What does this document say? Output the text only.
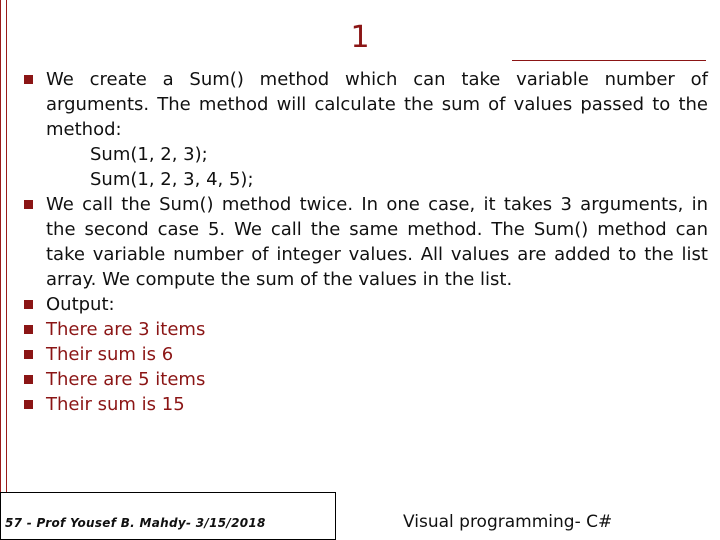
1
We create a Sum() method which can take variable number of arguments. The method will calculate the sum of values passed to the method:
Sum(1, 2, 3);
Sum(1, 2, 3, 4, 5);
We call the Sum() method twice. In one case, it takes 3 arguments, in the second case 5. We call the same method. The Sum() method can take variable number of integer values. All values are added to the list array. We compute the sum of the values in the list.
Output:
There are 3 items
Their sum is 6
There are 5 items
Their sum is 15
57 - Prof Yousef B. Mahdy- 3/15/2018	Visual programming- C#
